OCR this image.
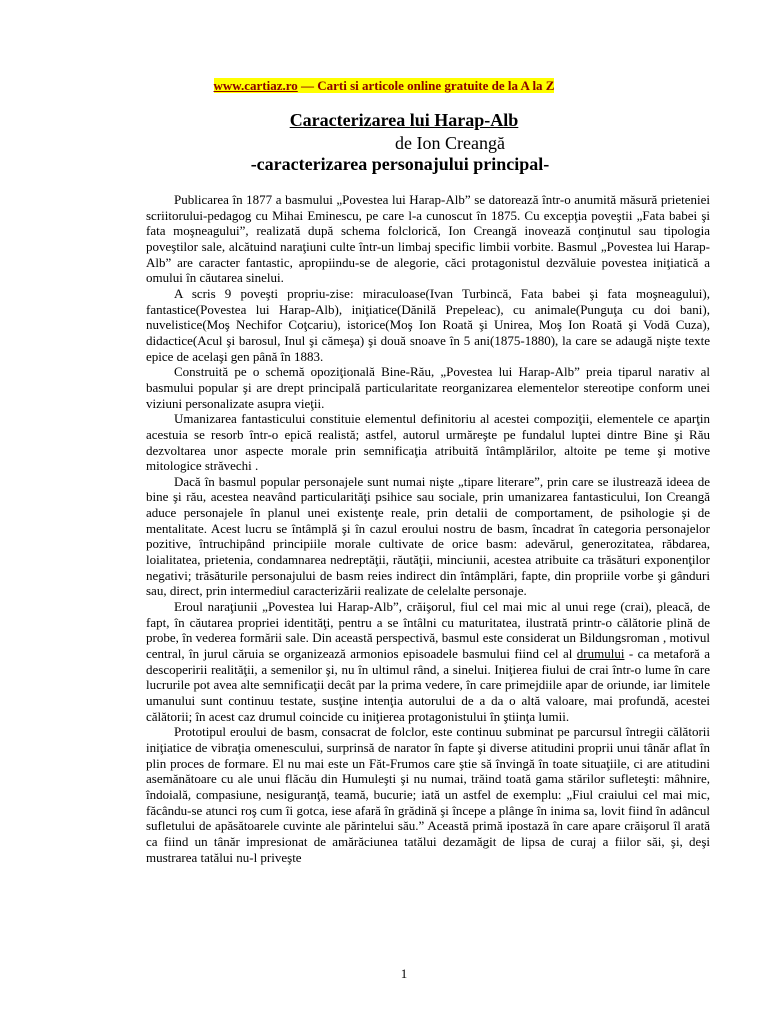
www.cartiaz.ro — Carti si articole online gratuite de la A la Z
Caracterizarea lui Harap-Alb
de Ion Creangă
-caracterizarea personajului principal-

Publicarea în 1877 a basmului „Povestea lui Harap-Alb” se datorează într-o anumită măsură prieteniei scriitorului-pedagog cu Mihai Eminescu, pe care l-a cunoscut în 1875. Cu excepţia poveştii „Fata babei şi fata moşneagului”, realizată după schema folclorică, Ion Creangă inovează conţinutul sau tipologia poveştilor sale, alcătuind naraţiuni culte într-un limbaj specific limbii vorbite. Basmul „Povestea lui Harap-Alb” are caracter fantastic, apropiindu-se de alegorie, căci protagonistul dezvăluie povestea iniţiatică a omului în căutarea sinelui.

A scris 9 poveşti propriu-zise: miraculoase(Ivan Turbincă, Fata babei şi fata moşneagului), fantastice(Povestea lui Harap-Alb), iniţiatice(Dănilă Prepeleac), cu animale(Punguţa cu doi bani), nuvelistice(Moş Nechifor Coţcariu), istorice(Moş Ion Roată şi Unirea, Moş Ion Roată şi Vodă Cuza), didactice(Acul şi barosul, Inul şi cămeşa) şi două snoave în 5 ani(1875-1880), la care se adaugă nişte texte epice de acelaşi gen până în 1883.

Construită pe o schemă opoziţională Bine-Rău, „Povestea lui Harap-Alb” preia tiparul narativ al basmului popular şi are drept principală particularitate reorganizarea elementelor stereotipe conform unei viziuni personalizate asupra vieţii.

Umanizarea fantasticului constituie elementul definitoriu al acestei compoziţii, elementele ce aparţin acestuia se resorb într-o epică realistă; astfel, autorul urmăreşte pe fundalul luptei dintre Bine şi Rău dezvoltarea unor aspecte morale prin semnificaţia atribuită întâmplărilor, altoite pe teme şi motive mitologice străvechi .

Dacă în basmul popular personajele sunt numai nişte „tipare literare”, prin care se ilustrează ideea de bine şi rău, acestea neavând particularităţi psihice sau sociale, prin umanizarea fantasticului, Ion Creangă aduce personajele în planul unei existenţe reale, prin detalii de comportament, de psihologie şi de mentalitate. Acest lucru se întâmplă şi în cazul eroului nostru de basm, încadrat în categoria personajelor pozitive, întruchipând principiile morale cultivate de orice basm: adevărul, generozitatea, răbdarea, loialitatea, prietenia, condamnarea nedreptăţii, răutăţii, minciunii, acestea atribuite ca trăsături exponenţilor negativi; trăsăturile personajului de basm reies indirect din întâmplări, fapte, din propriile vorbe şi gânduri sau, direct, prin intermediul caracterizării realizate de celelalte personaje.

Eroul naraţiunii „Povestea lui Harap-Alb”, crăişorul, fiul cel mai mic al unui rege (crai), pleacă, de fapt, în căutarea propriei identităţi, pentru a se întâlni cu maturitatea, ilustrată printr-o călătorie plină de probe, în vederea formării sale. Din această perspectivă, basmul este considerat un Bildungsroman , motivul central, în jurul căruia se organizează armonios episoadele basmului fiind cel al drumului - ca metaforă a descoperirii realităţii, a semenilor şi, nu în ultimul rând, a sinelui. Iniţierea fiului de crai într-o lume în care lucrurile pot avea alte semnificaţii decât par la prima vedere, în care primejdiile apar de oriunde, iar limitele umanului sunt continuu testate, susţine intenţia autorului de a da o altă valoare, mai profundă, acestei călătorii; în acest caz drumul coincide cu iniţierea protagonistului în ştiinţa lumii.

Prototipul eroului de basm, consacrat de folclor, este continuu subminat pe parcursul întregii călătorii iniţiatice de vibraţia omenescului, surprinsă de narator în fapte şi diverse atitudini proprii unui tânăr aflat în plin proces de formare. El nu mai este un Făt-Frumos care ştie să învingă în toate situaţiile, ci are atitudini asemănătoare cu ale unui flăcău din Humuleşti şi nu numai, trăind toată gama stărilor sufleteşti: mâhnire, îndoială, compasiune, nesiguranţă, teamă, bucurie; iată un astfel de exemplu: „Fiul craiului cel mai mic, făcându-se atunci roş cum îi gotca, iese afară în grădină şi începe a plânge în inima sa, lovit fiind în adâncul sufletului de apăsătoarele cuvinte ale părintelui său.” Această primă ipostază în care apare crăişorul îl arată ca fiind un tânăr impresionat de amărăciunea tatălui dezamăgit de lipsa de curaj a fiilor săi, şi, deşi mustrarea tatălui nu-l priveşte

1
